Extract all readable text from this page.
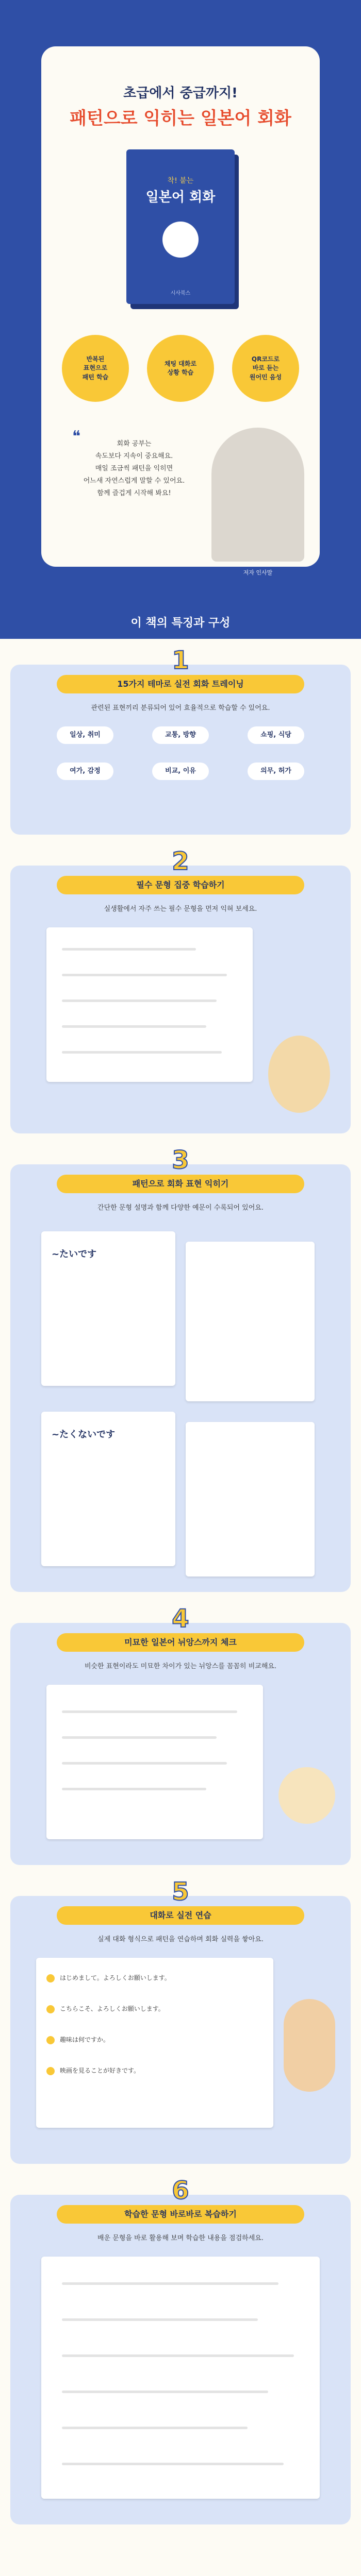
초급에서 중급까지!
패턴으로 익히는 일본어 회화
착! 붙는
일본어 회화
시사북스
반복된
표현으로
패턴 학습
채팅 대화로
상황 학습
QR코드로
바로 듣는
원어민 음성
❝	회화 공부는
속도보다 지속이 중요해요.
매일 조금씩 패턴을 익히면
어느새 자연스럽게 말할 수 있어요.
함께 즐겁게 시작해 봐요!
저자 인사말
이 책의 특징과 구성
1
15가지 테마로 실전 회화 트레이닝
관련된 표현끼리 분류되어 있어 효율적으로 학습할 수 있어요.
일상, 취미	교통, 방향	쇼핑, 식당
여가, 감정	비교, 이유	의무, 허가
2
필수 문형 집중 학습하기
실생활에서 자주 쓰는 필수 문형을 먼저 익혀 보세요.
3
패턴으로 회화 표현 익히기
간단한 문형 설명과 함께 다양한 예문이 수록되어 있어요.
~たいです
~たくないです
4
미묘한 일본어 뉘앙스까지 체크
비슷한 표현이라도 미묘한 차이가 있는 뉘앙스를 꼼꼼히 비교해요.
5
대화로 실전 연습
실제 대화 형식으로 패턴을 연습하며 회화 실력을 쌓아요.
はじめまして。よろしくお願いします。
こちらこそ、よろしくお願いします。
趣味は何ですか。
映画を見ることが好きです。
6
학습한 문형 바로바로 복습하기
배운 문형을 바로 활용해 보며 학습한 내용을 점검하세요.
